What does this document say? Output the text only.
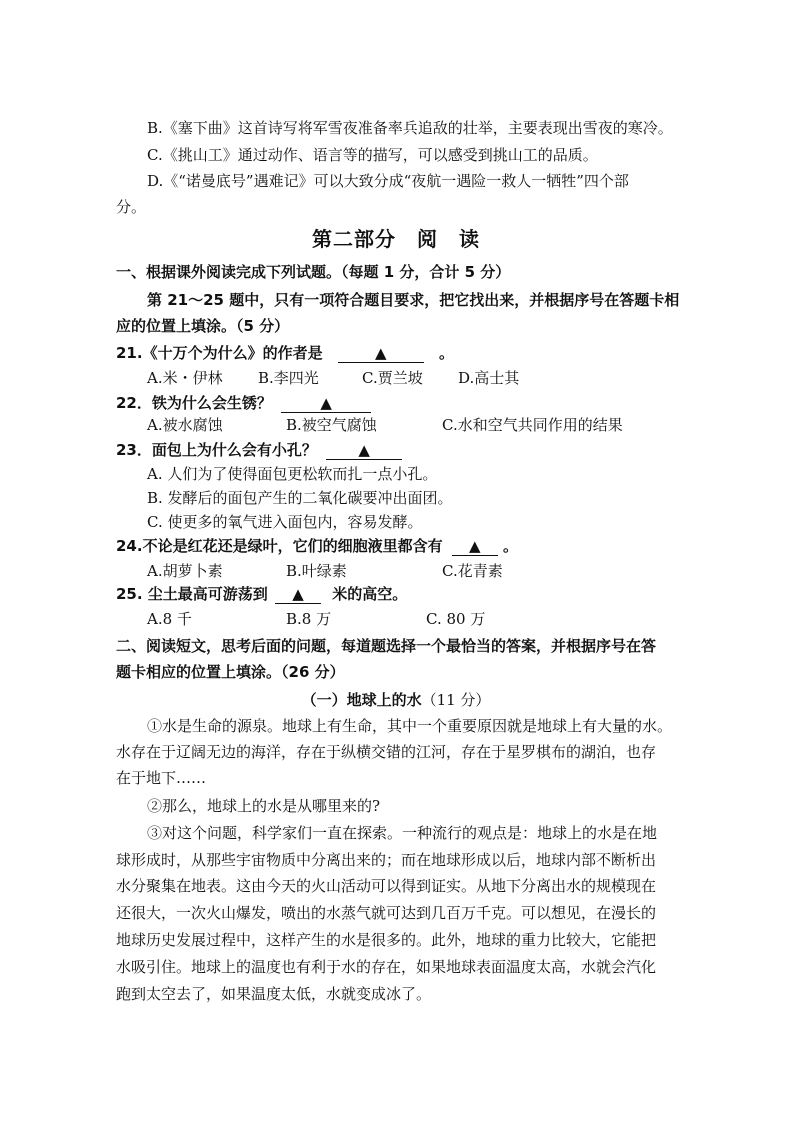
B.《塞下曲》这首诗写将军雪夜准备率兵追敌的壮举，主要表现出雪夜的寒冷。
C.《挑山工》通过动作、语言等的描写，可以感受到挑山工的品质。
D.《“诺曼底号”遇难记》可以大致分成“夜航一遇险一救人一牺牲”四个部
分。
第二部分　阅　读
一、根据课外阅读完成下列试题。（每题 1 分，合计 5 分）
第 21～25 题中，只有一项符合题目要求，把它找出来，并根据序号在答题卡相
应的位置上填涂。（5 分）
21.《十万个为什么》的作者是	▲	。
A.米・伊林 B.李四光	C.贾兰坡 D.高士其
22．铁为什么会生锈？	▲
A.被水腐蚀	B.被空气腐蚀	C.水和空气共同作用的结果
23．面包上为什么会有小孔？	▲
A. 人们为了使得面包更松软而扎一点小孔。
B. 发酵后的面包产生的二氧化碳要冲出面团。
C. 使更多的氧气进入面包内，容易发酵。
24.不论是红花还是绿叶，它们的细胞液里都含有 ▲ 。
A.胡萝卜素	B.叶绿素	C.花青素
25. 尘土最高可游荡到 ▲ 米的高空。
A.8 千	B.8 万	C. 80 万
二、阅读短文，思考后面的问题，每道题选择一个最恰当的答案，并根据序号在答
题卡相应的位置上填涂。（26 分）
（一）地球上的水（11 分）
①水是生命的源泉。地球上有生命，其中一个重要原因就是地球上有大量的水。
水存在于辽阔无边的海洋，存在于纵横交错的江河，存在于星罗棋布的湖泊，也存
在于地下……
②那么，地球上的水是从哪里来的?
③对这个问题，科学家们一直在探索。一种流行的观点是：地球上的水是在地
球形成时，从那些宇宙物质中分离出来的；而在地球形成以后，地球内部不断析出
水分聚集在地表。这由今天的火山活动可以得到证实。从地下分离出水的规模现在
还很大，一次火山爆发，喷出的水蒸气就可达到几百万千克。可以想见，在漫长的
地球历史发展过程中，这样产生的水是很多的。此外，地球的重力比较大，它能把
水吸引住。地球上的温度也有利于水的存在，如果地球表面温度太高，水就会汽化
跑到太空去了，如果温度太低，水就变成冰了。
